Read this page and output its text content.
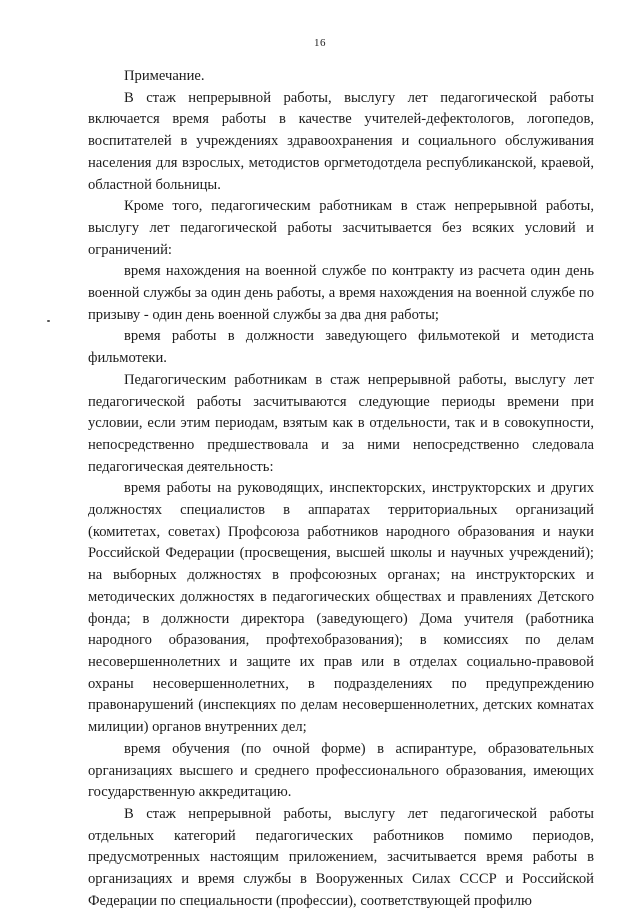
16

Примечание.

В стаж непрерывной работы, выслугу лет педагогической работы включается время работы в качестве учителей-дефектологов, логопедов, воспитателей в учреждениях здравоохранения и социального обслуживания населения для взрослых, методистов оргметодотдела республиканской, краевой, областной больницы.

Кроме того, педагогическим работникам в стаж непрерывной работы, выслугу лет педагогической работы засчитывается без всяких условий и ограничений:

время нахождения на военной службе по контракту из расчета один день военной службы за один день работы, а время нахождения на военной службе по призыву - один день военной службы за два дня работы;

время работы в должности заведующего фильмотекой и методиста фильмотеки.

Педагогическим работникам в стаж непрерывной работы, выслугу лет педагогической работы засчитываются следующие периоды времени при условии, если этим периодам, взятым как в отдельности, так и в совокупности, непосредственно предшествовала и за ними непосредственно следовала педагогическая деятельность:

время работы на руководящих, инспекторских, инструкторских и других должностях специалистов в аппаратах территориальных организаций (комитетах, советах) Профсоюза работников народного образования и науки Российской Федерации (просвещения, высшей школы и научных учреждений); на выборных должностях в профсоюзных органах; на инструкторских и методических должностях в педагогических обществах и правлениях Детского фонда; в должности директора (заведующего) Дома учителя (работника народного образования, профтехобразования); в комиссиях по делам несовершеннолетних и защите их прав или в отделах социально-правовой охраны несовершеннолетних, в подразделениях по предупреждению правонарушений (инспекциях по делам несовершеннолетних, детских комнатах милиции) органов внутренних дел;

время обучения (по очной форме) в аспирантуре, образовательных организациях высшего и среднего профессионального образования, имеющих государственную аккредитацию.

В стаж непрерывной работы, выслугу лет педагогической работы отдельных категорий педагогических работников помимо периодов, предусмотренных настоящим приложением, засчитывается время работы в организациях и время службы в Вооруженных Силах СССР и Российской Федерации по специальности (профессии), соответствующей профилю
